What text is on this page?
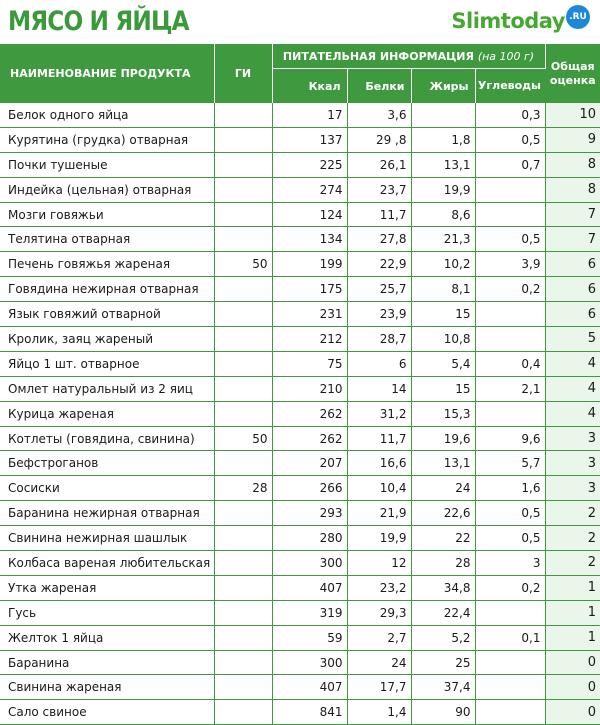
МЯСО И ЯЙЦА	Slimtoday .RU
НАИМЕНОВАНИЕ ПРОДУКТА	ГИ	ПИТАТЕЛЬНАЯ ИНФОРМАЦИЯ (на 100 г)				Общая оценка
		Ккал	Белки	Жиры	Углеводы	
Белок одного яйца		17	3,6		0,3	10
Курятина (грудка) отварная		137	29 ,8	1,8	0,5	9
Почки тушеные		225	26,1	13,1	0,7	8
Индейка (цельная) отварная		274	23,7	19,9		8
Мозги говяжьи		124	11,7	8,6		7
Телятина отварная		134	27,8	21,3	0,5	7
Печень говяжья жареная	50	199	22,9	10,2	3,9	6
Говядина нежирная отварная		175	25,7	8,1	0,2	6
Язык говяжий отварной		231	23,9	15		6
Кролик, заяц жареный		212	28,7	10,8		5
Яйцо 1 шт. отварное		75	6	5,4	0,4	4
Омлет натуральный из 2 яиц		210	14	15	2,1	4
Курица жареная		262	31,2	15,3		4
Котлеты (говядина, свинина)	50	262	11,7	19,6	9,6	3
Бефстроганов		207	16,6	13,1	5,7	3
Сосиски	28	266	10,4	24	1,6	3
Баранина нежирная отварная		293	21,9	22,6	0,5	2
Свинина нежирная шашлык		280	19,9	22	0,5	2
Колбаса вареная любительская		300	12	28	3	2
Утка жареная		407	23,2	34,8	0,2	1
Гусь		319	29,3	22,4		1
Желток 1 яйца		59	2,7	5,2	0,1	1
Баранина		300	24	25		0
Свинина жареная		407	17,7	37,4		0
Сало свиное		841	1,4	90		0
